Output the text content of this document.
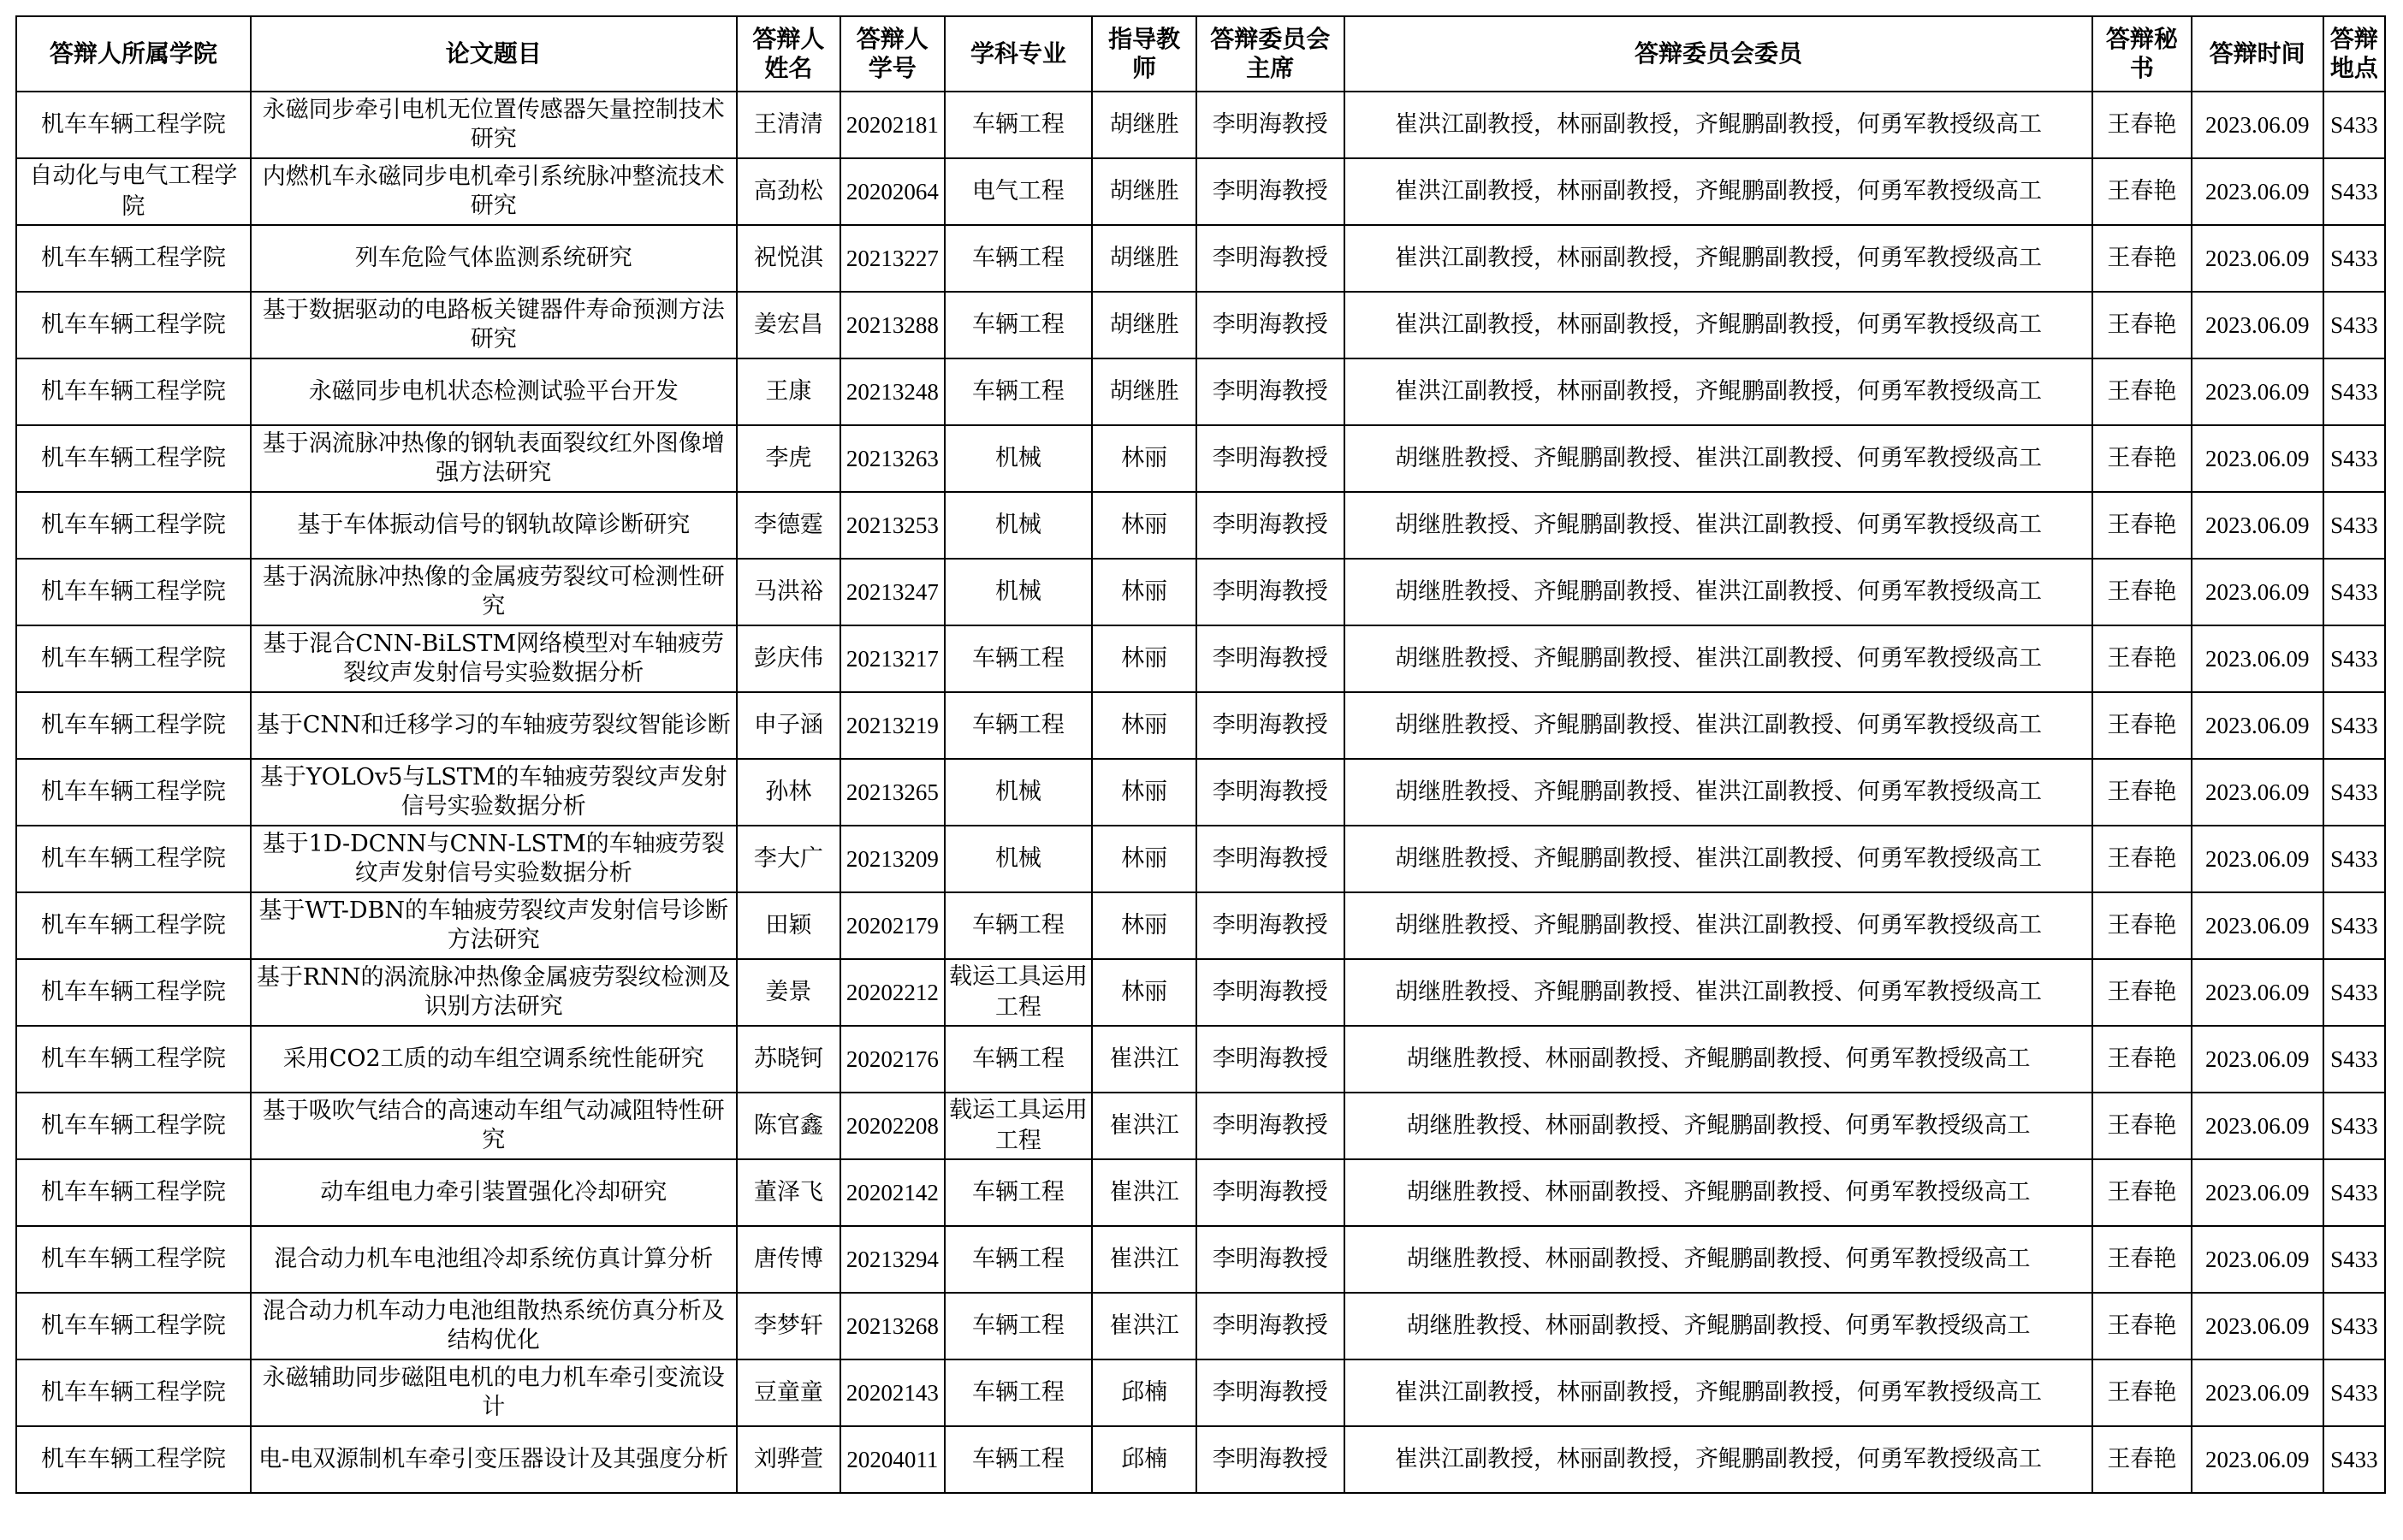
答辩人所属学院	论文题目	答辩人姓名	答辩人学号	学科专业	指导教师	答辩委员会主席	答辩委员会委员	答辩秘书	答辩时间	答辩地点
机车车辆工程学院	永磁同步牵引电机无位置传感器矢量控制技术研究	王清清	20202181	车辆工程	胡继胜	李明海教授	崔洪江副教授，林丽副教授，齐鲲鹏副教授，何勇军教授级高工	王春艳	2023.06.09	S433
自动化与电气工程学院	内燃机车永磁同步电机牵引系统脉冲整流技术研究	高劲松	20202064	电气工程	胡继胜	李明海教授	崔洪江副教授，林丽副教授，齐鲲鹏副教授，何勇军教授级高工	王春艳	2023.06.09	S433
机车车辆工程学院	列车危险气体监测系统研究	祝悦淇	20213227	车辆工程	胡继胜	李明海教授	崔洪江副教授，林丽副教授，齐鲲鹏副教授，何勇军教授级高工	王春艳	2023.06.09	S433
机车车辆工程学院	基于数据驱动的电路板关键器件寿命预测方法研究	姜宏昌	20213288	车辆工程	胡继胜	李明海教授	崔洪江副教授，林丽副教授，齐鲲鹏副教授，何勇军教授级高工	王春艳	2023.06.09	S433
机车车辆工程学院	永磁同步电机状态检测试验平台开发	王康	20213248	车辆工程	胡继胜	李明海教授	崔洪江副教授，林丽副教授，齐鲲鹏副教授，何勇军教授级高工	王春艳	2023.06.09	S433
机车车辆工程学院	基于涡流脉冲热像的钢轨表面裂纹红外图像增强方法研究	李虎	20213263	机械	林丽	李明海教授	胡继胜教授、齐鲲鹏副教授、崔洪江副教授、何勇军教授级高工	王春艳	2023.06.09	S433
机车车辆工程学院	基于车体振动信号的钢轨故障诊断研究	李德霆	20213253	机械	林丽	李明海教授	胡继胜教授、齐鲲鹏副教授、崔洪江副教授、何勇军教授级高工	王春艳	2023.06.09	S433
机车车辆工程学院	基于涡流脉冲热像的金属疲劳裂纹可检测性研究	马洪裕	20213247	机械	林丽	李明海教授	胡继胜教授、齐鲲鹏副教授、崔洪江副教授、何勇军教授级高工	王春艳	2023.06.09	S433
机车车辆工程学院	基于混合CNN-BiLSTM网络模型对车轴疲劳裂纹声发射信号实验数据分析	彭庆伟	20213217	车辆工程	林丽	李明海教授	胡继胜教授、齐鲲鹏副教授、崔洪江副教授、何勇军教授级高工	王春艳	2023.06.09	S433
机车车辆工程学院	基于CNN和迁移学习的车轴疲劳裂纹智能诊断	申子涵	20213219	车辆工程	林丽	李明海教授	胡继胜教授、齐鲲鹏副教授、崔洪江副教授、何勇军教授级高工	王春艳	2023.06.09	S433
机车车辆工程学院	基于YOLOv5与LSTM的车轴疲劳裂纹声发射信号实验数据分析	孙林	20213265	机械	林丽	李明海教授	胡继胜教授、齐鲲鹏副教授、崔洪江副教授、何勇军教授级高工	王春艳	2023.06.09	S433
机车车辆工程学院	基于1D-DCNN与CNN-LSTM的车轴疲劳裂纹声发射信号实验数据分析	李大广	20213209	机械	林丽	李明海教授	胡继胜教授、齐鲲鹏副教授、崔洪江副教授、何勇军教授级高工	王春艳	2023.06.09	S433
机车车辆工程学院	基于WT-DBN的车轴疲劳裂纹声发射信号诊断方法研究	田颖	20202179	车辆工程	林丽	李明海教授	胡继胜教授、齐鲲鹏副教授、崔洪江副教授、何勇军教授级高工	王春艳	2023.06.09	S433
机车车辆工程学院	基于RNN的涡流脉冲热像金属疲劳裂纹检测及识别方法研究	姜景	20202212	载运工具运用工程	林丽	李明海教授	胡继胜教授、齐鲲鹏副教授、崔洪江副教授、何勇军教授级高工	王春艳	2023.06.09	S433
机车车辆工程学院	采用CO2工质的动车组空调系统性能研究	苏晓钶	20202176	车辆工程	崔洪江	李明海教授	胡继胜教授、林丽副教授、齐鲲鹏副教授、何勇军教授级高工	王春艳	2023.06.09	S433
机车车辆工程学院	基于吸吹气结合的高速动车组气动减阻特性研究	陈官鑫	20202208	载运工具运用工程	崔洪江	李明海教授	胡继胜教授、林丽副教授、齐鲲鹏副教授、何勇军教授级高工	王春艳	2023.06.09	S433
机车车辆工程学院	动车组电力牵引装置强化冷却研究	董泽飞	20202142	车辆工程	崔洪江	李明海教授	胡继胜教授、林丽副教授、齐鲲鹏副教授、何勇军教授级高工	王春艳	2023.06.09	S433
机车车辆工程学院	混合动力机车电池组冷却系统仿真计算分析	唐传博	20213294	车辆工程	崔洪江	李明海教授	胡继胜教授、林丽副教授、齐鲲鹏副教授、何勇军教授级高工	王春艳	2023.06.09	S433
机车车辆工程学院	混合动力机车动力电池组散热系统仿真分析及结构优化	李梦轩	20213268	车辆工程	崔洪江	李明海教授	胡继胜教授、林丽副教授、齐鲲鹏副教授、何勇军教授级高工	王春艳	2023.06.09	S433
机车车辆工程学院	永磁辅助同步磁阻电机的电力机车牵引变流设计	豆童童	20202143	车辆工程	邱楠	李明海教授	崔洪江副教授，林丽副教授，齐鲲鹏副教授，何勇军教授级高工	王春艳	2023.06.09	S433
机车车辆工程学院	电-电双源制机车牵引变压器设计及其强度分析	刘骅萱	20204011	车辆工程	邱楠	李明海教授	崔洪江副教授，林丽副教授，齐鲲鹏副教授，何勇军教授级高工	王春艳	2023.06.09	S433
